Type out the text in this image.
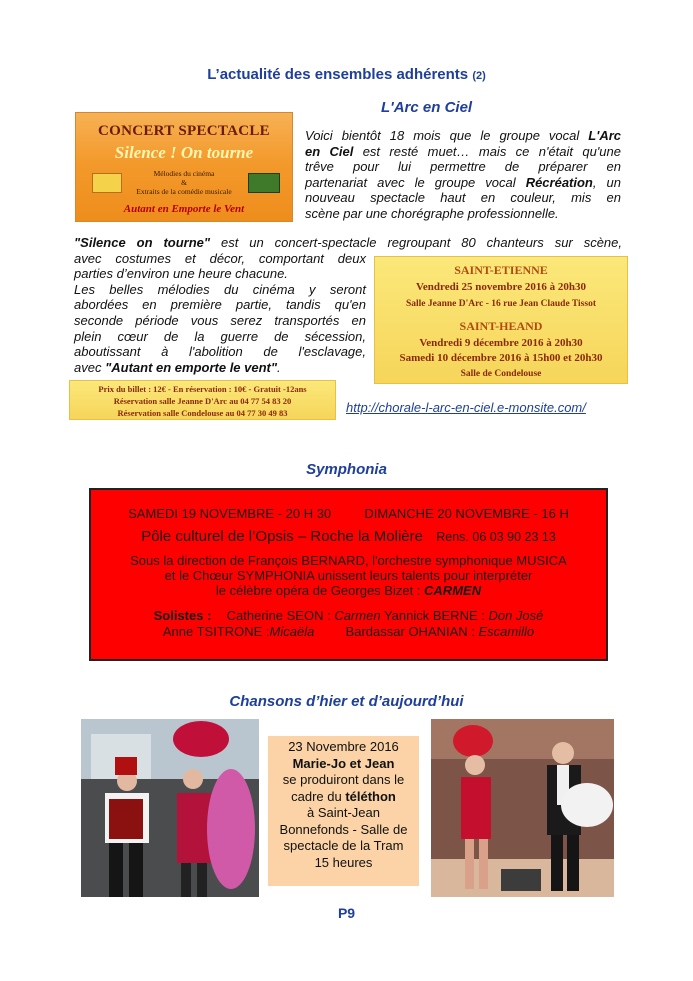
L’actualité des ensembles adhérents (2)
L'Arc en Ciel
CONCERT SPECTACLE
Silence ! On tourne
Mélodies du cinéma
&
Extraits de la comédie musicale
Autant en Emporte le Vent
Voici bientôt 18 mois que le groupe vocal L'Arc
en Ciel est resté muet… mais ce n'était qu'une
trêve pour lui permettre de préparer en
partenariat avec le groupe vocal Récréation, un
nouveau spectacle haut en couleur, mis en
scène par une chorégraphe professionnelle.
"Silence on tourne" est un concert-spectacle regroupant 80 chanteurs sur scène,
avec costumes et décor, comportant deux
parties d’environ une heure chacune.
Les belles mélodies du cinéma y seront
abordées en première partie, tandis qu'en
seconde période vous serez transportés en
plein cœur de la guerre de sécession,
aboutissant à l'abolition de l'esclavage,
avec "Autant en emporte le vent".
SAINT-ETIENNE
Vendredi 25 novembre 2016 à 20h30
Salle Jeanne D'Arc - 16 rue Jean Claude Tissot
SAINT-HEAND
Vendredi 9 décembre 2016 à 20h30
Samedi 10 décembre 2016 à 15h00 et 20h30
Salle de Condelouse
Prix du billet : 12€ - En réservation : 10€ - Gratuit -12ans
Réservation salle Jeanne D'Arc au 04 77 54 83 20
Réservation salle Condelouse au 04 77 30 49 83	http://chorale-l-arc-en-ciel.e-monsite.com/
Symphonia
SAMEDI 19 NOVEMBRE - 20 H 30	DIMANCHE 20 NOVEMBRE - 16 H
Pôle culturel de l’Opsis – Roche la Molière Rens. 06 03 90 23 13
Sous la direction de François BERNARD, l'orchestre symphonique MUSICA
et le Chœur SYMPHONIA unissent leurs talents pour interpréter
le célèbre opéra de Georges Bizet : CARMEN
Solistes : Catherine SEON : Carmen Yannick BERNE : Don José
Anne TSITRONE :Micaëla Bardassar OHANIAN : Escamillo
Chansons d’hier et d’aujourd’hui
23 Novembre 2016
Marie-Jo et Jean
se produiront dans le
cadre du téléthon
à Saint-Jean
Bonnefonds - Salle de
spectacle de la Tram
15 heures
P9
